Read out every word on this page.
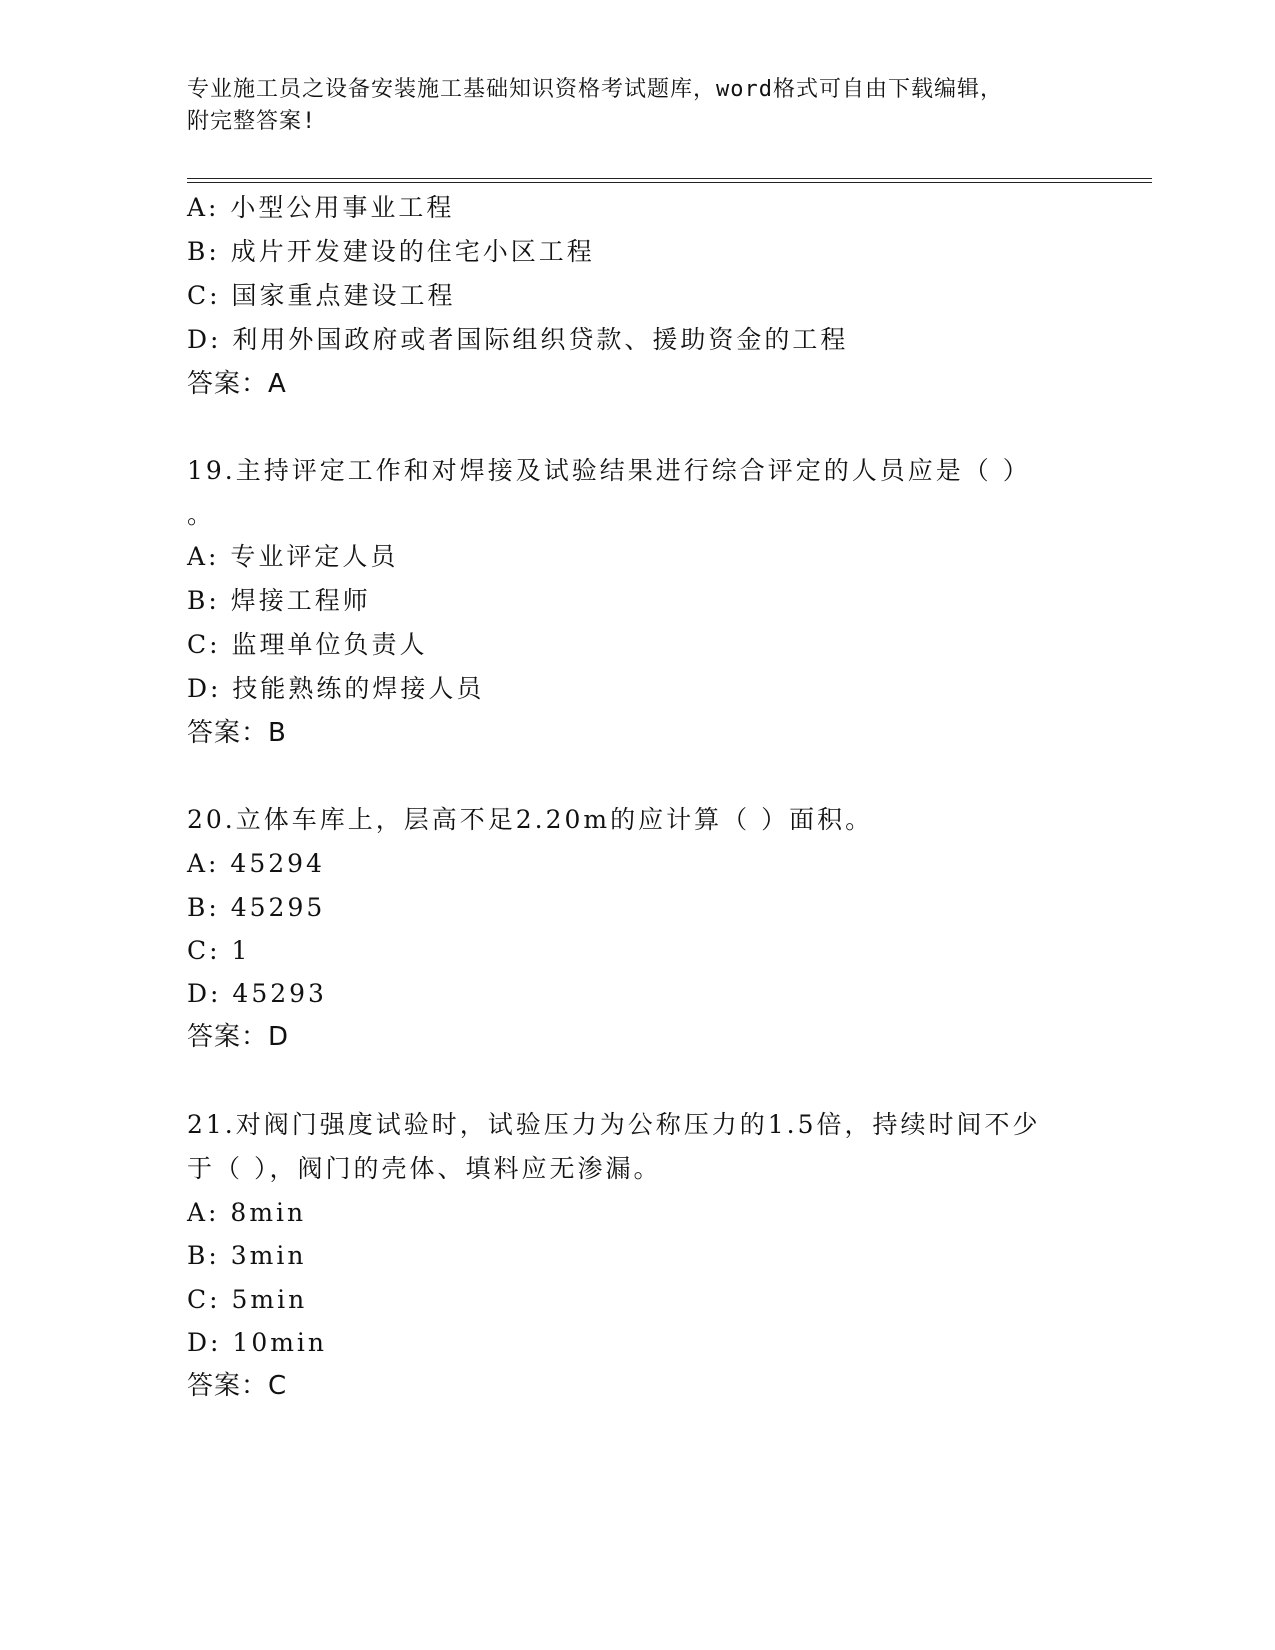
专业施工员之设备安装施工基础知识资格考试题库，word格式可自由下载编辑，
附完整答案!
A: 小型公用事业工程
B: 成片开发建设的住宅小区工程
C: 国家重点建设工程
D: 利用外国政府或者国际组织贷款、援助资金的工程
答案：A
19.主持评定工作和对焊接及试验结果进行综合评定的人员应是（ ）
。
A: 专业评定人员
B: 焊接工程师
C: 监理单位负责人
D: 技能熟练的焊接人员
答案：B
20.立体车库上，层高不足2.20m的应计算（ ）面积。
A: 45294
B: 45295
C: 1
D: 45293
答案：D
21.对阀门强度试验时，试验压力为公称压力的1.5倍，持续时间不少
于（ ），阀门的壳体、填料应无渗漏。
A: 8min
B: 3min
C: 5min
D: 10min
答案：C
